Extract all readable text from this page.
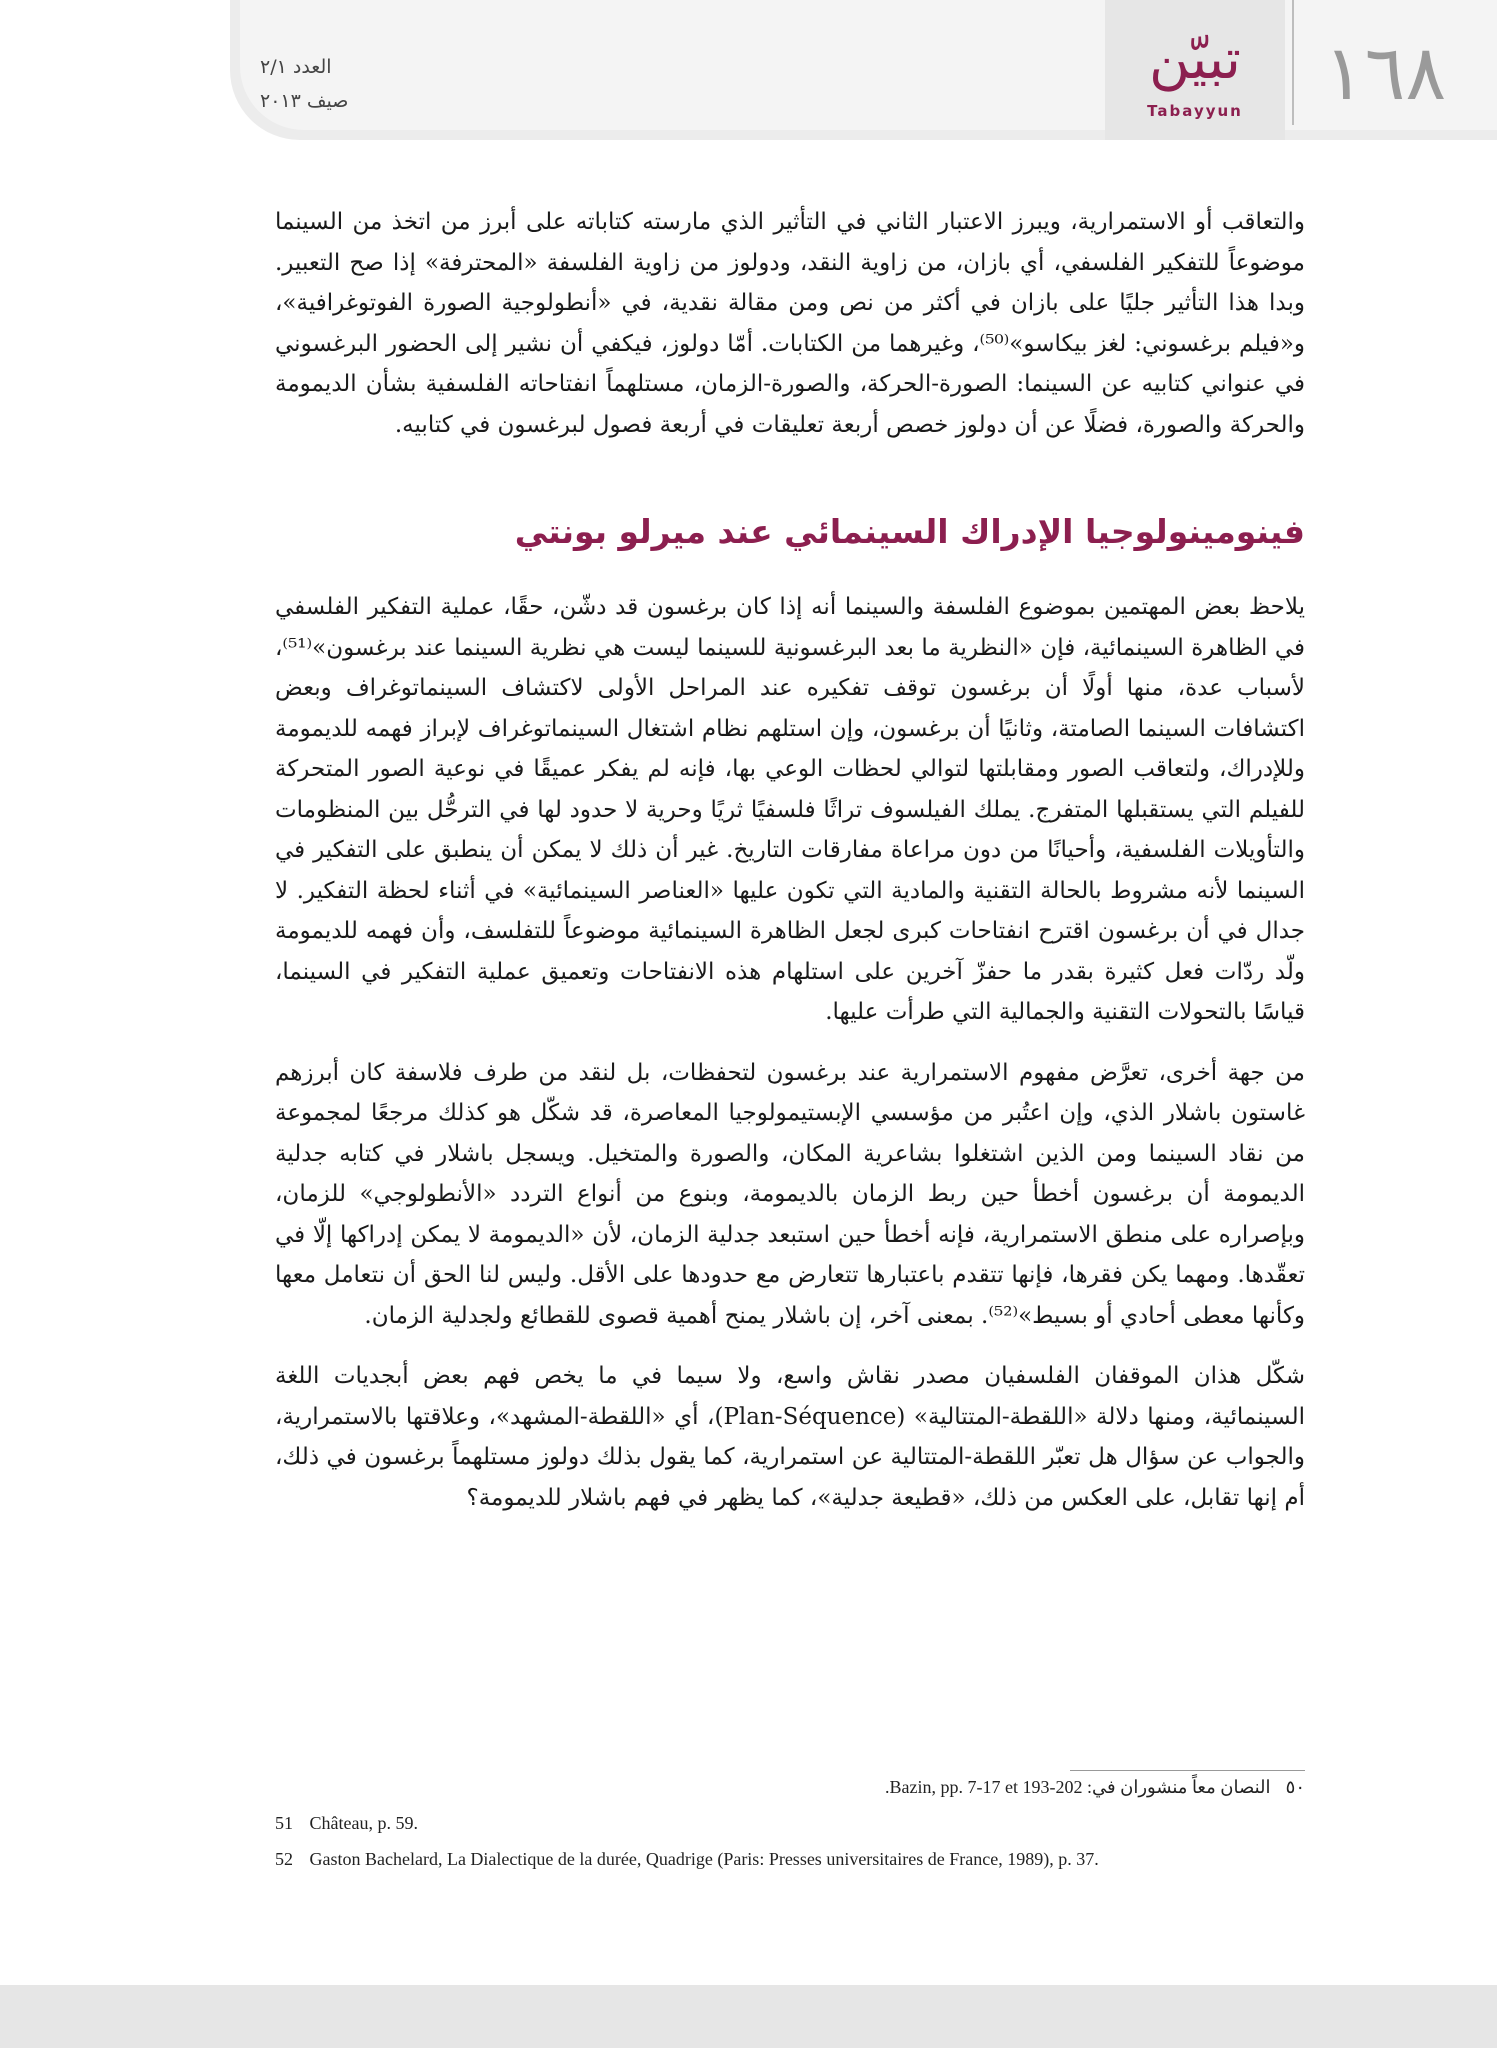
العدد ٢/١
صيف ٢٠١٣
تبيّن
Tabayyun	١٦٨

والتعاقب أو الاستمرارية، ويبرز الاعتبار الثاني في التأثير الذي مارسته كتاباته على أبرز من اتخذ من السينما موضوعاً للتفكير الفلسفي، أي بازان، من زاوية النقد، ودولوز من زاوية الفلسفة «المحترفة» إذا صح التعبير. وبدا هذا التأثير جليًا على بازان في أكثر من نص ومن مقالة نقدية، في «أنطولوجية الصورة الفوتوغرافية»، و«فيلم برغسوني: لغز بيكاسو»⁽⁵⁰⁾، وغيرهما من الكتابات. أمّا دولوز، فيكفي أن نشير إلى الحضور البرغسوني في عنواني كتابيه عن السينما: الصورة-الحركة، والصورة-الزمان، مستلهماً انفتاحاته الفلسفية بشأن الديمومة والحركة والصورة، فضلًا عن أن دولوز خصص أربعة تعليقات في أربعة فصول لبرغسون في كتابيه.

فينومينولوجيا الإدراك السينمائي عند ميرلو بونتي

يلاحظ بعض المهتمين بموضوع الفلسفة والسينما أنه إذا كان برغسون قد دشّن، حقًا، عملية التفكير الفلسفي في الظاهرة السينمائية، فإن «النظرية ما بعد البرغسونية للسينما ليست هي نظرية السينما عند برغسون»⁽⁵¹⁾، لأسباب عدة، منها أولًا أن برغسون توقف تفكيره عند المراحل الأولى لاكتشاف السينماتوغراف وبعض اكتشافات السينما الصامتة، وثانيًا أن برغسون، وإن استلهم نظام اشتغال السينماتوغراف لإبراز فهمه للديمومة وللإدراك، ولتعاقب الصور ومقابلتها لتوالي لحظات الوعي بها، فإنه لم يفكر عميقًا في نوعية الصور المتحركة للفيلم التي يستقبلها المتفرج. يملك الفيلسوف تراثًا فلسفيًا ثريًا وحرية لا حدود لها في الترحُّل بين المنظومات والتأويلات الفلسفية، وأحيانًا من دون مراعاة مفارقات التاريخ. غير أن ذلك لا يمكن أن ينطبق على التفكير في السينما لأنه مشروط بالحالة التقنية والمادية التي تكون عليها «العناصر السينمائية» في أثناء لحظة التفكير. لا جدال في أن برغسون اقترح انفتاحات كبرى لجعل الظاهرة السينمائية موضوعاً للتفلسف، وأن فهمه للديمومة ولّد ردّات فعل كثيرة بقدر ما حفزّ آخرين على استلهام هذه الانفتاحات وتعميق عملية التفكير في السينما، قياسًا بالتحولات التقنية والجمالية التي طرأت عليها.

من جهة أخرى، تعرَّض مفهوم الاستمرارية عند برغسون لتحفظات، بل لنقد من طرف فلاسفة كان أبرزهم غاستون باشلار الذي، وإن اعتُبر من مؤسسي الإبستيمولوجيا المعاصرة، قد شكّل هو كذلك مرجعًا لمجموعة من نقاد السينما ومن الذين اشتغلوا بشاعرية المكان، والصورة والمتخيل. ويسجل باشلار في كتابه جدلية الديمومة أن برغسون أخطأ حين ربط الزمان بالديمومة، وبنوع من أنواع التردد «الأنطولوجي» للزمان، وبإصراره على منطق الاستمرارية، فإنه أخطأ حين استبعد جدلية الزمان، لأن «الديمومة لا يمكن إدراكها إلّا في تعقّدها. ومهما يكن فقرها، فإنها تتقدم باعتبارها تتعارض مع حدودها على الأقل. وليس لنا الحق أن نتعامل معها وكأنها معطى أحادي أو بسيط»⁽⁵²⁾. بمعنى آخر، إن باشلار يمنح أهمية قصوى للقطائع ولجدلية الزمان.

شكّل هذان الموقفان الفلسفيان مصدر نقاش واسع، ولا سيما في ما يخص فهم بعض أبجديات اللغة السينمائية، ومنها دلالة «اللقطة-المتتالية» (Plan-Séquence)، أي «اللقطة-المشهد»، وعلاقتها بالاستمرارية، والجواب عن سؤال هل تعبّر اللقطة-المتتالية عن استمرارية، كما يقول بذلك دولوز مستلهماً برغسون في ذلك، أم إنها تقابل، على العكس من ذلك، «قطيعة جدلية»، كما يظهر في فهم باشلار للديمومة؟

٥٠ النصان معاً منشوران في: Bazin, pp. 7-17 et 193-202.

51 Château, p. 59.

52 Gaston Bachelard, La Dialectique de la durée, Quadrige (Paris: Presses universitaires de France, 1989), p. 37.
